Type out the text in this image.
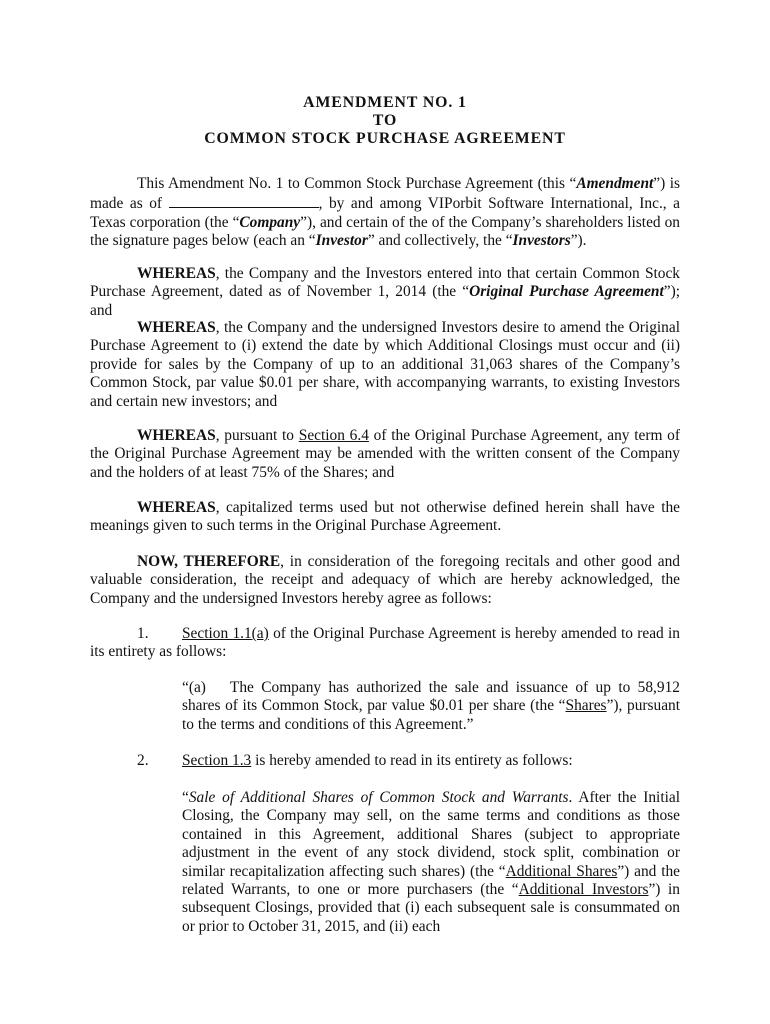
AMENDMENT NO. 1
TO
COMMON STOCK PURCHASE AGREEMENT

This Amendment No. 1 to Common Stock Purchase Agreement (this “Amendment”) is made as of	, by and among VIPorbit Software International, Inc., a Texas corporation (the “Company”), and certain of the of the Company’s shareholders listed on the signature pages below (each an “Investor” and collectively, the “Investors”).

WHEREAS, the Company and the Investors entered into that certain Common Stock Purchase Agreement, dated as of November 1, 2014 (the “Original Purchase Agreement”); and

WHEREAS, the Company and the undersigned Investors desire to amend the Original Purchase Agreement to (i) extend the date by which Additional Closings must occur and (ii) provide for sales by the Company of up to an additional 31,063 shares of the Company’s Common Stock, par value $0.01 per share, with accompanying warrants, to existing Investors and certain new investors; and

WHEREAS, pursuant to Section 6.4 of the Original Purchase Agreement, any term of the Original Purchase Agreement may be amended with the written consent of the Company and the holders of at least 75% of the Shares; and

WHEREAS, capitalized terms used but not otherwise defined herein shall have the meanings given to such terms in the Original Purchase Agreement.

NOW, THEREFORE, in consideration of the foregoing recitals and other good and valuable consideration, the receipt and adequacy of which are hereby acknowledged, the Company and the undersigned Investors hereby agree as follows:

1. Section 1.1(a) of the Original Purchase Agreement is hereby amended to read in its entirety as follows:

“(a) The Company has authorized the sale and issuance of up to 58,912 shares of its Common Stock, par value $0.01 per share (the “Shares”), pursuant to the terms and conditions of this Agreement.”

2. Section 1.3 is hereby amended to read in its entirety as follows:

“Sale of Additional Shares of Common Stock and Warrants. After the Initial Closing, the Company may sell, on the same terms and conditions as those contained in this Agreement, additional Shares (subject to appropriate adjustment in the event of any stock dividend, stock split, combination or similar recapitalization affecting such shares) (the “Additional Shares”) and the related Warrants, to one or more purchasers (the “Additional Investors”) in subsequent Closings, provided that (i) each subsequent sale is consummated on or prior to October 31, 2015, and (ii) each
